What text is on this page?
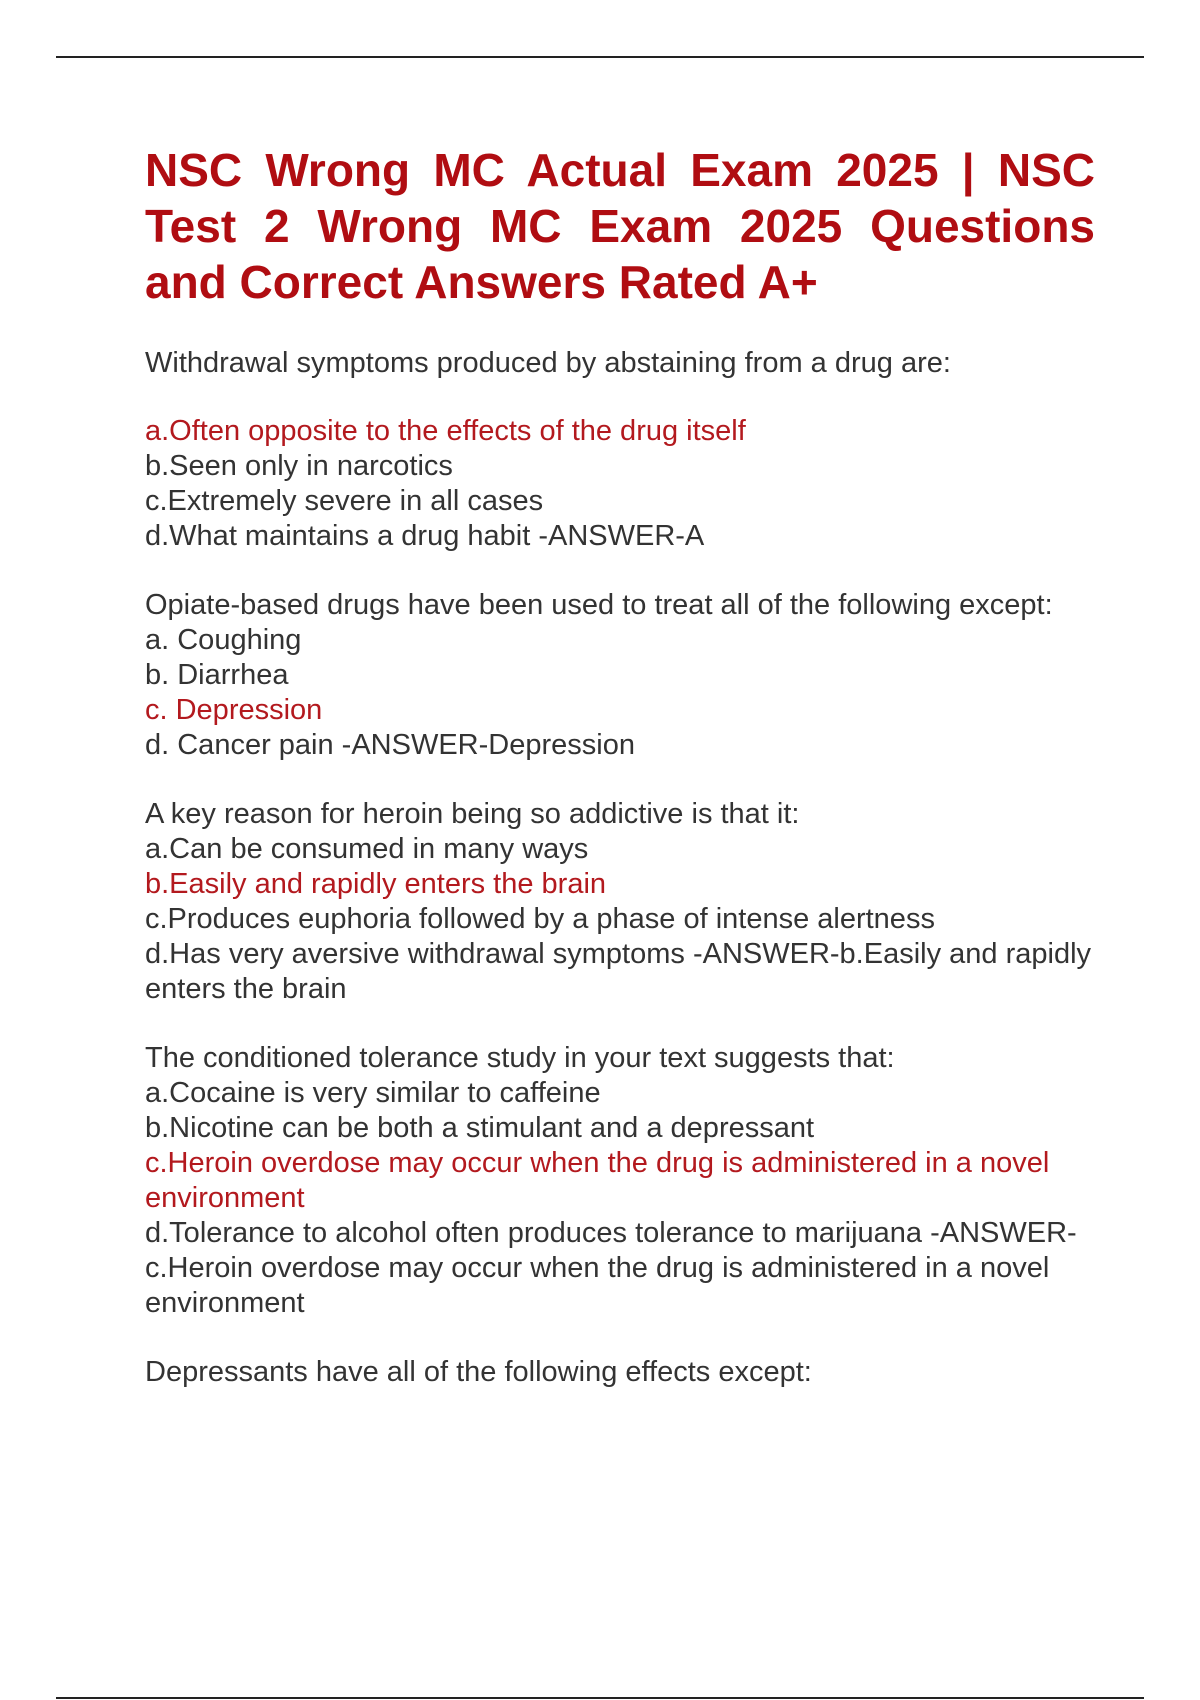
NSC Wrong MC Actual Exam 2025 | NSC Test 2 Wrong MC Exam 2025 Questions and Correct Answers Rated A+

Withdrawal symptoms produced by abstaining from a drug are:

a.Often opposite to the effects of the drug itself

b.Seen only in narcotics

c.Extremely severe in all cases

d.What maintains a drug habit -ANSWER-A

Opiate-based drugs have been used to treat all of the following except:

a. Coughing

b. Diarrhea

c. Depression

d. Cancer pain -ANSWER-Depression

A key reason for heroin being so addictive is that it:

a.Can be consumed in many ways

b.Easily and rapidly enters the brain

c.Produces euphoria followed by a phase of intense alertness

d.Has very aversive withdrawal symptoms -ANSWER-b.Easily and rapidly enters the brain

The conditioned tolerance study in your text suggests that:

a.Cocaine is very similar to caffeine

b.Nicotine can be both a stimulant and a depressant

c.Heroin overdose may occur when the drug is administered in a novel environment

d.Tolerance to alcohol often produces tolerance to marijuana -ANSWER-c.Heroin overdose may occur when the drug is administered in a novel environment

Depressants have all of the following effects except:
